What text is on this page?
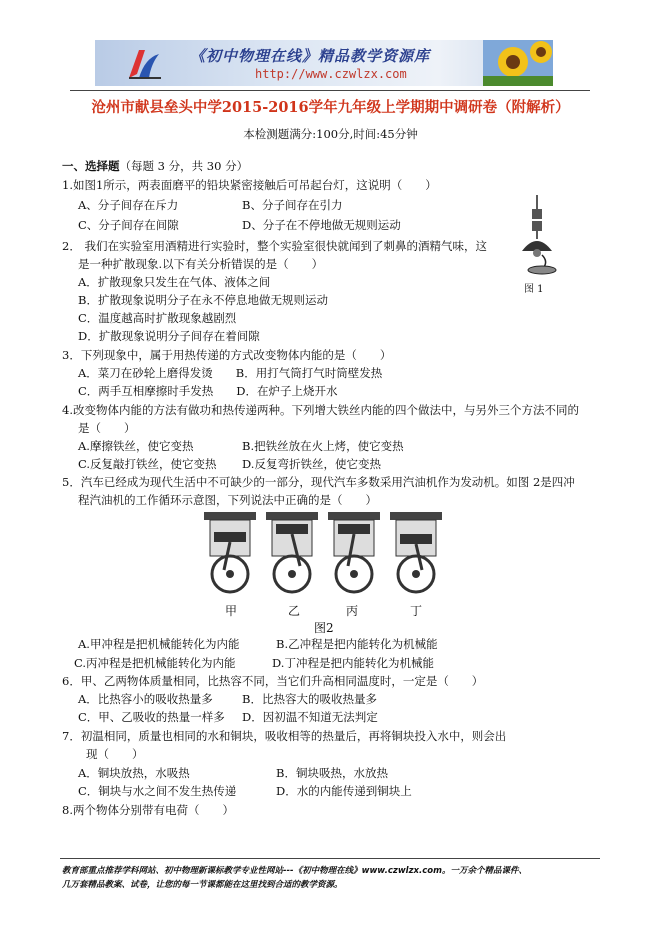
《初中物理在线》精品教学资源库
http://www.czwlzx.com
沧州市献县垒头中学2015-2016学年九年级上学期期中调研卷（附解析）
本检测题满分:100分,时间:45分钟
一、选择题（每题 3 分，共 30 分）
1.如图1所示，两表面磨平的铅块紧密接触后可吊起台灯，这说明（　　）
A、分子间存在斥力	B、分子间存在引力
C、分子间存在间隙	D、分子在不停地做无规则运动
图 1
2． 我们在实验室用酒精进行实验时，整个实验室很快就闻到了刺鼻的酒精气味，这
是一种扩散现象.以下有关分析错误的是（　　）
A．扩散现象只发生在气体、液体之间
B．扩散现象说明分子在永不停息地做无规则运动
C．温度越高时扩散现象越剧烈
D．扩散现象说明分子间存在着间隙
3．下列现象中，属于用热传递的方式改变物体内能的是（　　）
A．菜刀在砂轮上磨得发烫　　B．用打气筒打气时筒壁发热
C．两手互相摩擦时手发热　　D．在炉子上烧开水
4.改变物体内能的方法有做功和热传递两种。下列增大铁丝内能的四个做法中，与另外三个方法不同的
是（　　）
A.摩擦铁丝，使它变热	B.把铁丝放在火上烤，使它变热
C.反复敲打铁丝，使它变热 D.反复弯折铁丝，使它变热
5．汽车已经成为现代生活中不可缺少的一部分，现代汽车多数采用汽油机作为发动机。如图 2是四冲
程汽油机的工作循环示意图，下列说法中正确的是（　　）
甲	乙	丙	丁
图2
A.甲冲程是把机械能转化为内能	B.乙冲程是把内能转化为机械能
C.丙冲程是把机械能转化为内能	D.丁冲程是把内能转化为机械能
6．甲、乙两物体质量相同，比热容不同，当它们升高相同温度时，一定是（　　）
A．比热容小的吸收热量多	B．比热容大的吸收热量多
C．甲、乙吸收的热量一样多 D．因初温不知道无法判定
7．初温相同，质量也相同的水和铜块，吸收相等的热量后，再将铜块投入水中，则会出
现（　　）
A．铜块放热，水吸热	B．铜块吸热，水放热
C．铜块与水之间不发生热传递	D．水的内能传递到铜块上
8.两个物体分别带有电荷（　　）
教育部重点推荐学科网站、初中物理新课标教学专业性网站---《初中物理在线》www.czwlzx.com。一万余个精品课件、
几万套精品教案、试卷，让您的每一节课都能在这里找到合适的教学资源。
